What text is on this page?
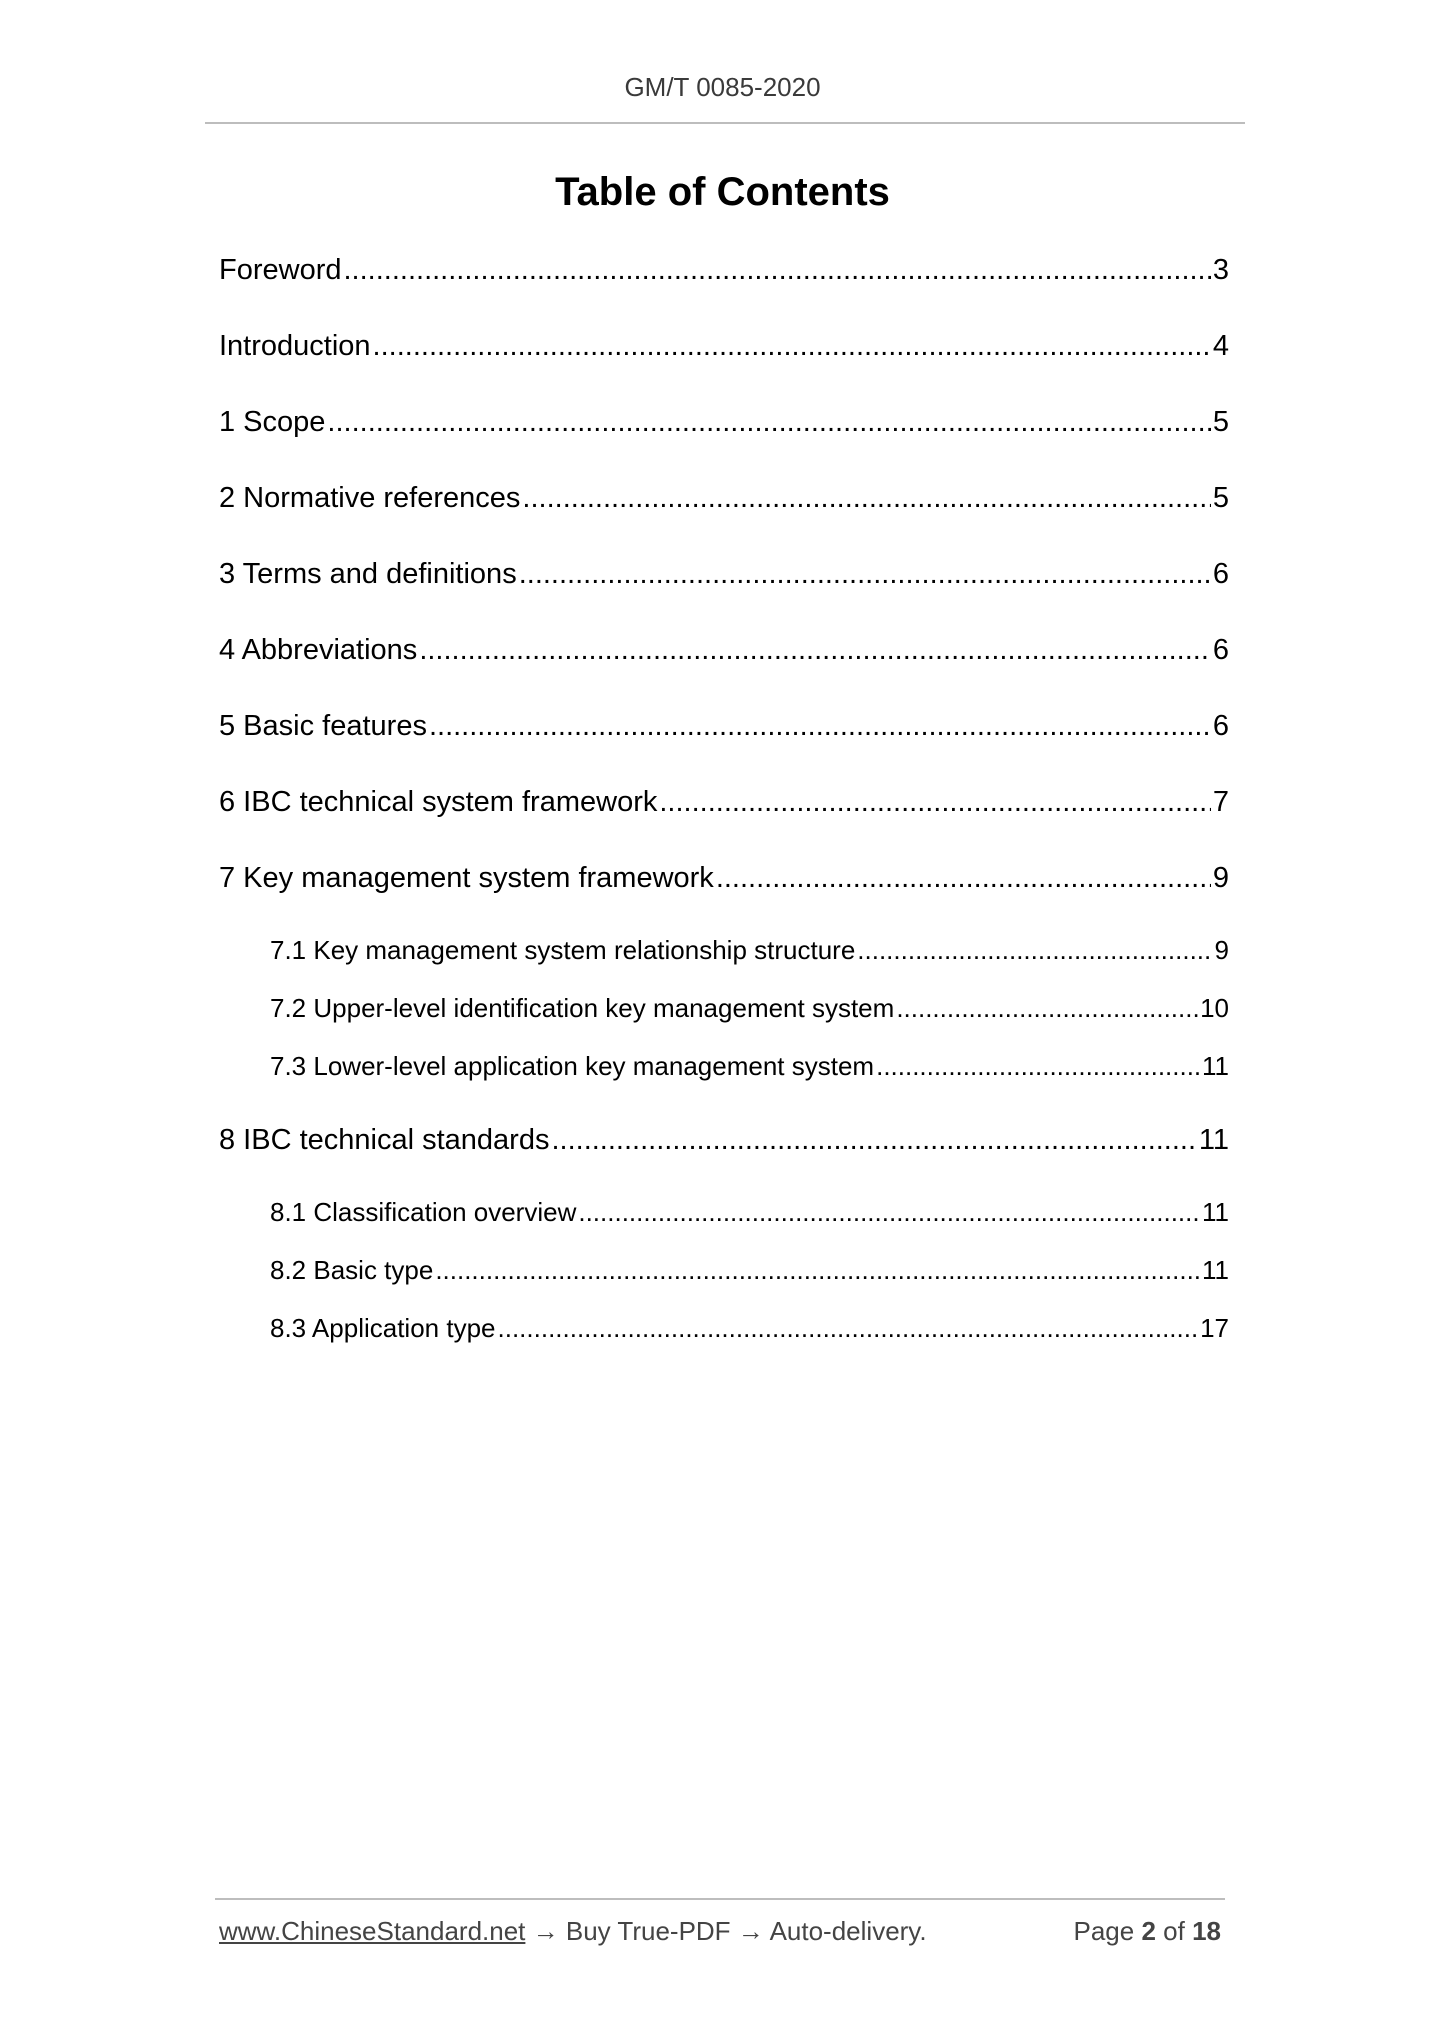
GM/T 0085-2020
Table of Contents
Foreword .....	3
Introduction .....	4
1 Scope .....	5
2 Normative references .....	5
3 Terms and definitions .....	6
4 Abbreviations .....	6
5 Basic features .....	6
6 IBC technical system framework .....	7
7 Key management system framework .....	9
7.1 Key management system relationship structure .....	9
7.2 Upper-level identification key management system .....	10
7.3 Lower-level application key management system .....	11
8 IBC technical standards .....	11
8.1 Classification overview .....	11
8.2 Basic type .....	11
8.3 Application type .....	17
www.ChineseStandard.net → Buy True-PDF → Auto-delivery.	Page 2 of 18
